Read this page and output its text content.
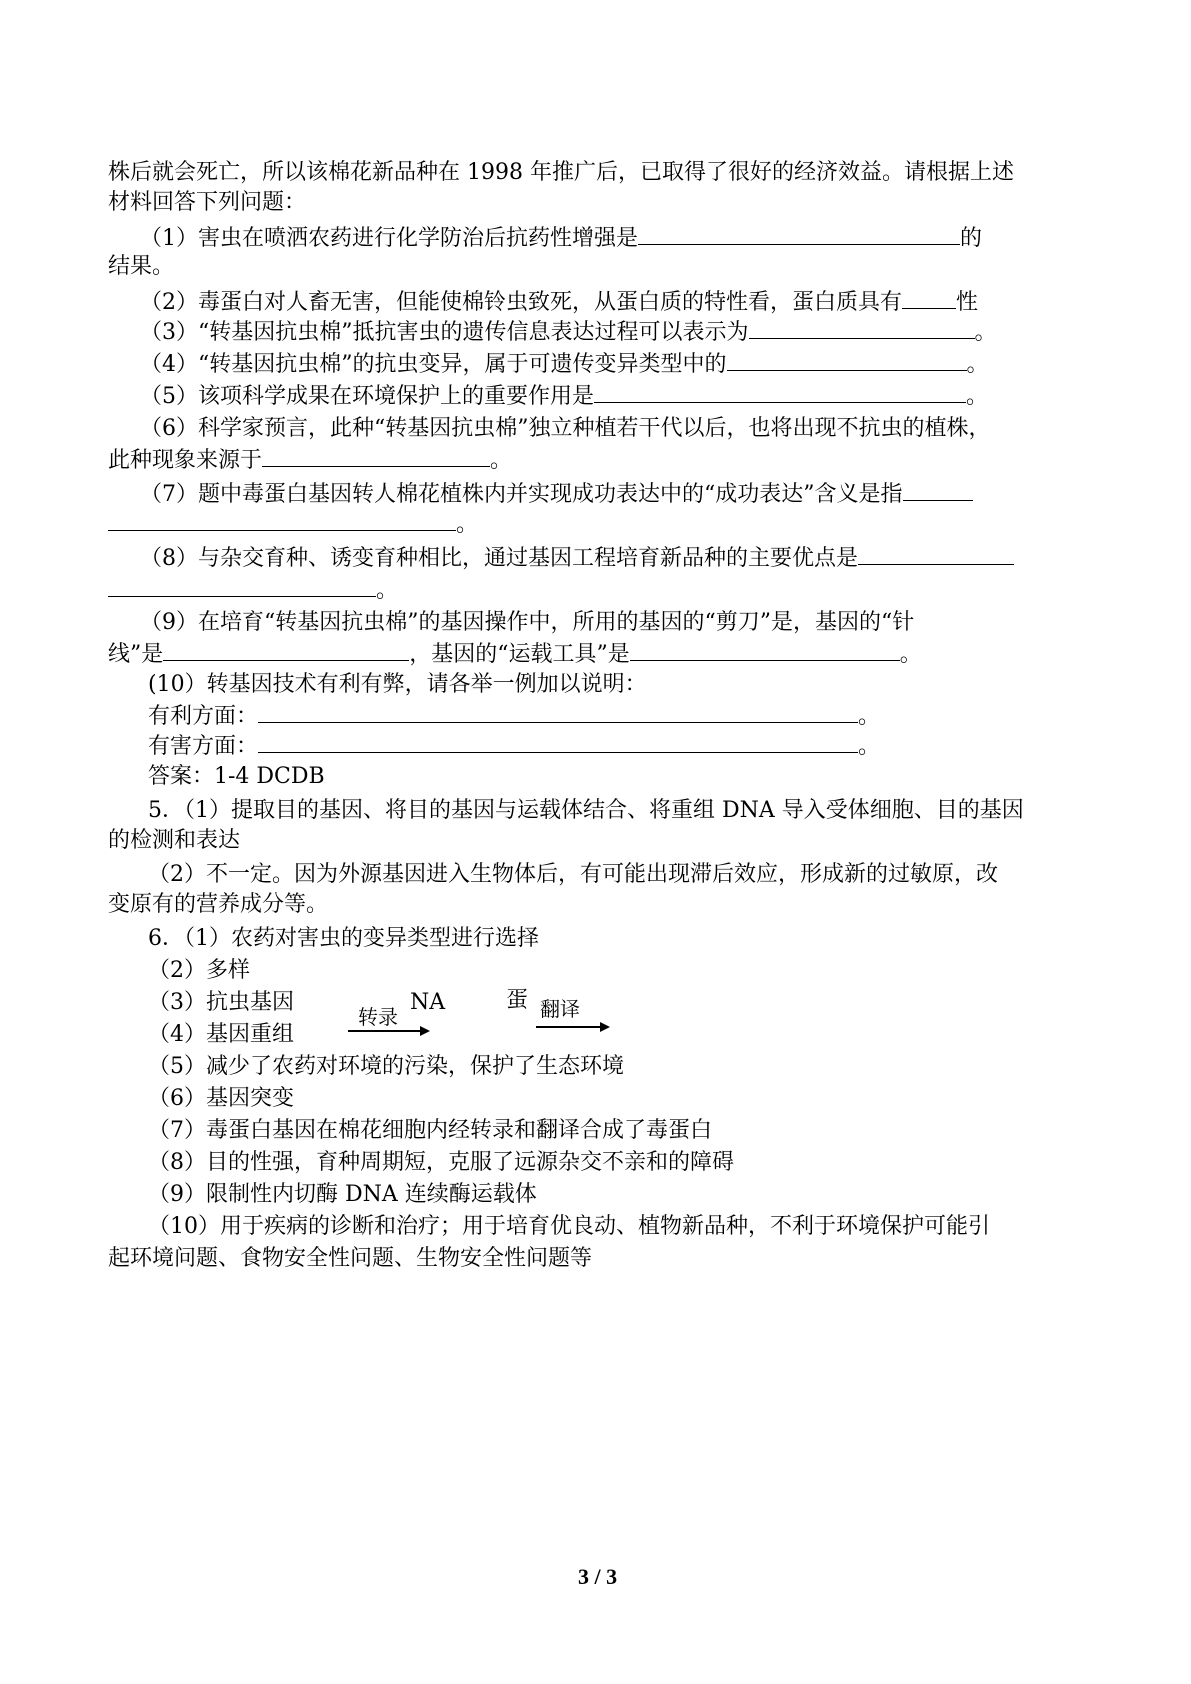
株后就会死亡，所以该棉花新品种在 1998 年推广后，已取得了很好的经济效益。请根据上述
材料回答下列问题：
（1）害虫在喷洒农药进行化学防治后抗药性增强是	的
结果。
（2）毒蛋白对人畜无害，但能使棉铃虫致死，从蛋白质的特性看，蛋白质具有 性
（3）“转基因抗虫棉”抵抗害虫的遗传信息表达过程可以表示为	。
（4）“转基因抗虫棉”的抗虫变异，属于可遗传变异类型中的	。
（5）该项科学成果在环境保护上的重要作用是	。
（6）科学家预言，此种“转基因抗虫棉”独立种植若干代以后，也将出现不抗虫的植株，
此种现象来源于	。
（7）题中毒蛋白基因转人棉花植株内并实现成功表达中的“成功表达”含义是指
。
（8）与杂交育种、诱变育种相比，通过基因工程培育新品种的主要优点是
。
（9）在培育“转基因抗虫棉”的基因操作中，所用的基因的“剪刀”是，基因的“针
线”是	，基因的“运载工具”是	。
(10）转基因技术有利有弊，请各举一例加以说明：
有利方面：	。
有害方面：	。
答案：1-4 DCDB
5．（1）提取目的基因、将目的基因与运载体结合、将重组 DNA 导入受体细胞、目的基因
的检测和表达
（2）不一定。因为外源基因进入生物体后，有可能出现滞后效应，形成新的过敏原，改
变原有的营养成分等。
6．（1）农药对害虫的变异类型进行选择
（2）多样
（3）抗虫基因	NA	蛋
转录	翻译
（4）基因重组
（5）减少了农药对环境的污染，保护了生态环境
（6）基因突变
（7）毒蛋白基因在棉花细胞内经转录和翻译合成了毒蛋白
（8）目的性强，育种周期短，克服了远源杂交不亲和的障碍
（9）限制性内切酶 DNA 连续酶运载体
（10）用于疾病的诊断和治疗；用于培育优良动、植物新品种，不利于环境保护可能引
起环境问题、食物安全性问题、生物安全性问题等
3 / 3
